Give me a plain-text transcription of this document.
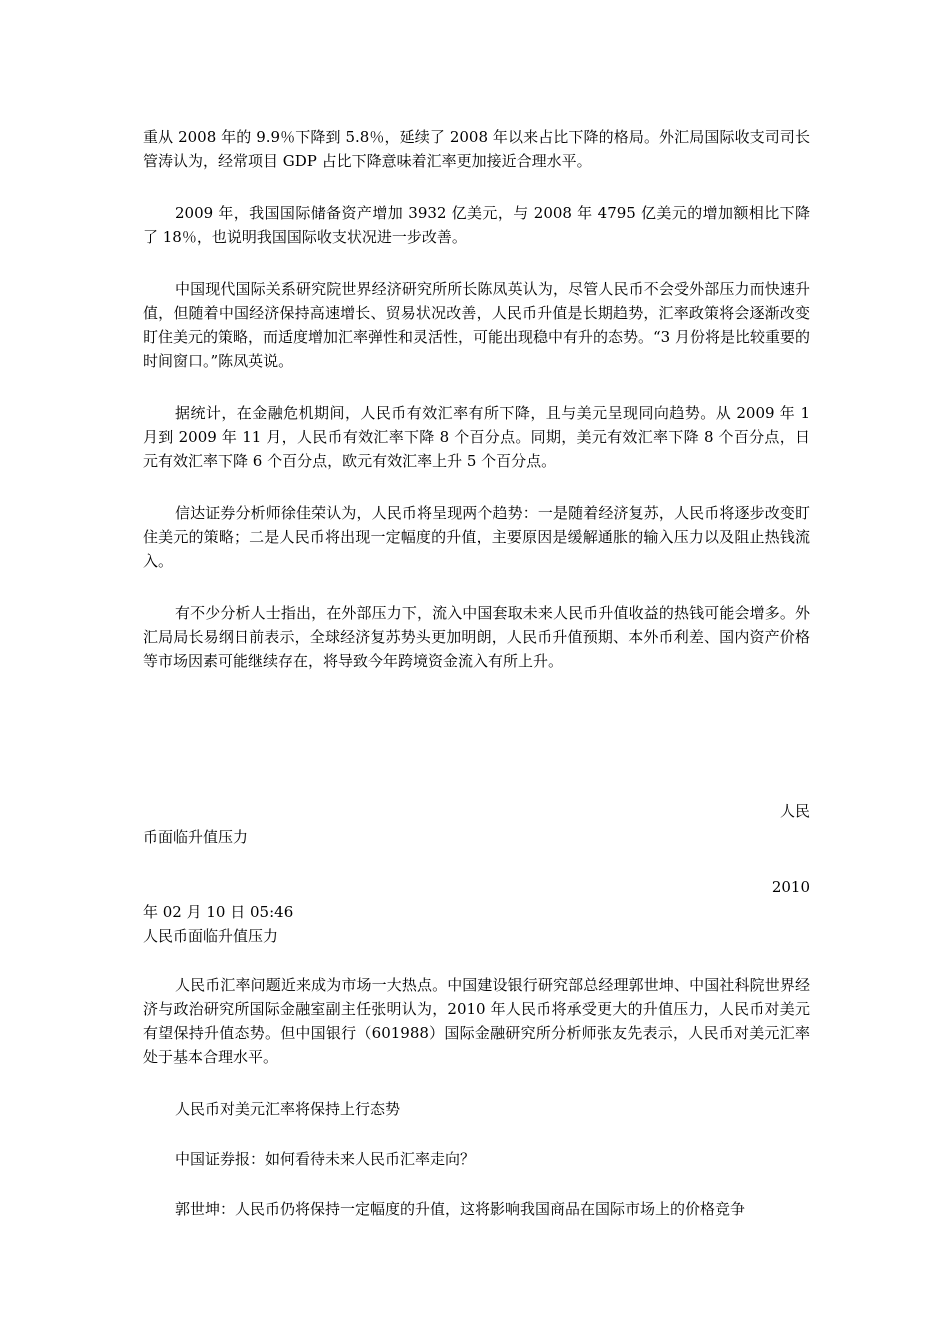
重从 2008 年的 9.9％下降到 5.8％，延续了 2008 年以来占比下降的格局。外汇局国际收支司司长管涛认为，经常项目 GDP 占比下降意味着汇率更加接近合理水平。

2009 年，我国国际储备资产增加 3932 亿美元，与 2008 年 4795 亿美元的增加额相比下降了 18％，也说明我国国际收支状况进一步改善。

中国现代国际关系研究院世界经济研究所所长陈凤英认为，尽管人民币不会受外部压力而快速升值，但随着中国经济保持高速增长、贸易状况改善，人民币升值是长期趋势，汇率政策将会逐渐改变盯住美元的策略，而适度增加汇率弹性和灵活性，可能出现稳中有升的态势。“3 月份将是比较重要的时间窗口。”陈凤英说。

据统计，在金融危机期间，人民币有效汇率有所下降，且与美元呈现同向趋势。从 2009 年 1 月到 2009 年 11 月，人民币有效汇率下降 8 个百分点。同期，美元有效汇率下降 8 个百分点，日元有效汇率下降 6 个百分点，欧元有效汇率上升 5 个百分点。

信达证券分析师徐佳荣认为，人民币将呈现两个趋势：一是随着经济复苏，人民币将逐步改变盯住美元的策略；二是人民币将出现一定幅度的升值，主要原因是缓解通胀的输入压力以及阻止热钱流入。

有不少分析人士指出，在外部压力下，流入中国套取未来人民币升值收益的热钱可能会增多。外汇局局长易纲日前表示，全球经济复苏势头更加明朗，人民币升值预期、本外币利差、国内资产价格等市场因素可能继续存在，将导致今年跨境资金流入有所上升。

人民

币面临升值压力

2010

年 02 月 10 日 05:46

人民币面临升值压力

人民币汇率问题近来成为市场一大热点。中国建设银行研究部总经理郭世坤、中国社科院世界经济与政治研究所国际金融室副主任张明认为，2010 年人民币将承受更大的升值压力，人民币对美元有望保持升值态势。但中国银行（601988）国际金融研究所分析师张友先表示，人民币对美元汇率处于基本合理水平。

人民币对美元汇率将保持上行态势

中国证券报：如何看待未来人民币汇率走向？

郭世坤：人民币仍将保持一定幅度的升值，这将影响我国商品在国际市场上的价格竞争
